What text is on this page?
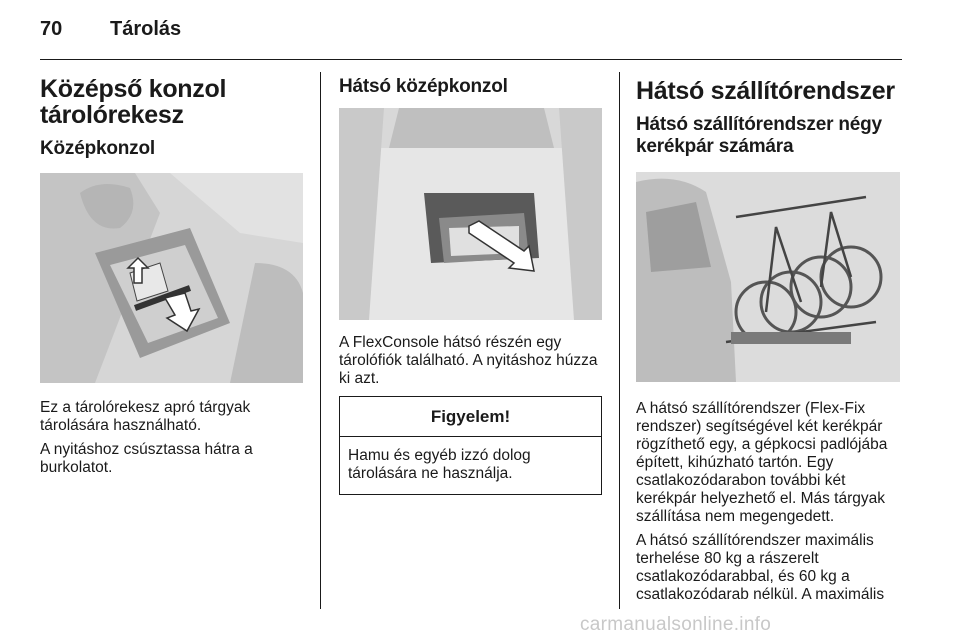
70 Tárolás
Középső konzol tárolórekesz
Középkonzol

Ez a tárolórekesz apró tárgyak tárolására használható.

A nyitáshoz csúsztassa hátra a burkolatot.

Hátsó középkonzol

A FlexConsole hátsó részén egy tárolófiók található. A nyitáshoz húzza ki azt.

Figyelem!
Hamu és egyéb izzó dolog tárolására ne használja.
Hátsó szállítórendszer
Hátsó szállítórendszer négy kerékpár számára

A hátsó szállítórendszer (Flex-Fix rendszer) segítségével két kerékpár rögzíthető egy, a gépkocsi padlójába épített, kihúzható tartón. Egy csatlakozódarabon további két kerékpár helyezhető el. Más tárgyak szállítása nem megengedett.

A hátsó szállítórendszer maximális terhelése 80 kg a rászerelt csatlakozódarabbal, és 60 kg a csatlakozódarab nélkül. A maximális

carmanualsonline.info
